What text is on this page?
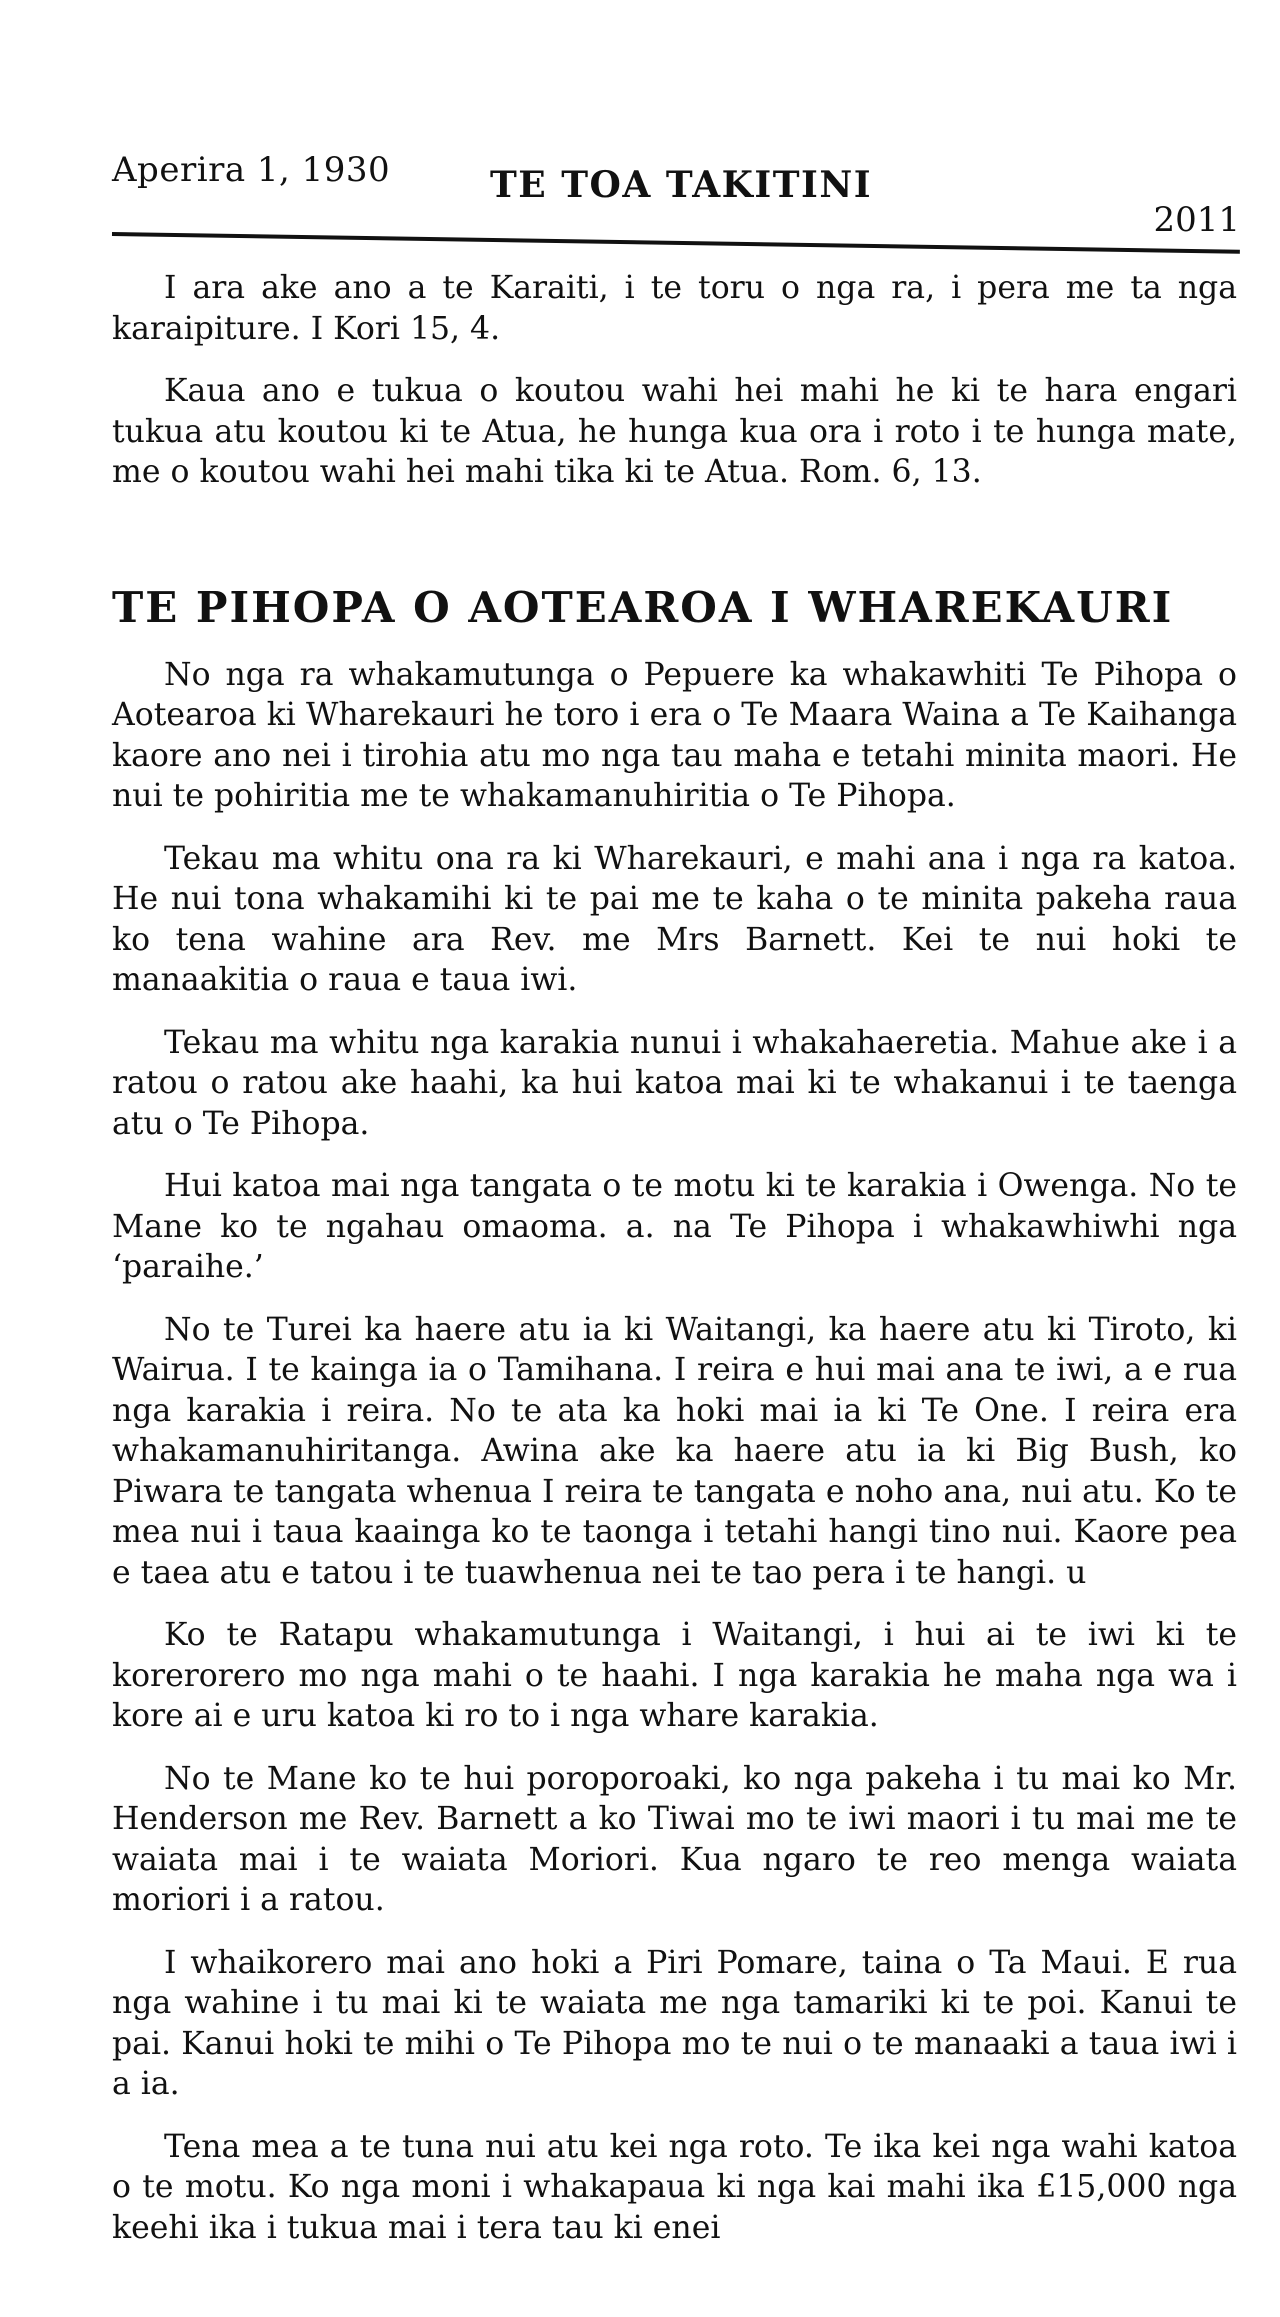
Aperira 1, 1930	TE TOA TAKITINI
2011

I ara ake ano a te Karaiti, i te toru o nga ra, i pera me ta nga karaipiture. I Kori 15, 4.

Kaua ano e tukua o koutou wahi hei mahi he ki te hara engari tukua atu koutou ki te Atua, he hunga kua ora i roto i te hunga mate, me o koutou wahi hei mahi tika ki te Atua. Rom. 6, 13.

TE PIHOPA O AOTEAROA I WHAREKAURI

No nga ra whakamutunga o Pepuere ka whakawhiti Te Pihopa o Aotearoa ki Wharekauri he toro i era o Te Maara Waina a Te Kaihanga kaore ano nei i tirohia atu mo nga tau maha e tetahi minita maori. He nui te pohiritia me te whakamanuhiritia o Te Pihopa.

Tekau ma whitu ona ra ki Wharekauri, e mahi ana i nga ra katoa. He nui tona whakamihi ki te pai me te kaha o te minita pakeha raua ko tena wahine ara Rev. me Mrs Barnett. Kei te nui hoki te manaakitia o raua e taua iwi.

Tekau ma whitu nga karakia nunui i whakahaeretia. Mahue ake i a ratou o ratou ake haahi, ka hui katoa mai ki te whakanui i te taenga atu o Te Pihopa.

Hui katoa mai nga tangata o te motu ki te karakia i Owenga. No te Mane ko te ngahau omaoma. a. na Te Pihopa i whakawhiwhi nga ‘paraihe.’

No te Turei ka haere atu ia ki Waitangi, ka haere atu ki Tiroto, ki Wairua. I te kainga ia o Tamihana. I reira e hui mai ana te iwi, a e rua nga karakia i reira. No te ata ka hoki mai ia ki Te One. I reira era whakamanuhiritanga. Awina ake ka haere atu ia ki Big Bush, ko Piwara te tangata whenua I reira te tangata e noho ana, nui atu. Ko te mea nui i taua kaainga ko te taonga i tetahi hangi tino nui. Kaore pea e taea atu e tatou i te tuawhenua nei te tao pera i te hangi. u

Ko te Ratapu whakamutunga i Waitangi, i hui ai te iwi ki te korerorero mo nga mahi o te haahi. I nga karakia he maha nga wa i kore ai e uru katoa ki ro to i nga whare karakia.

No te Mane ko te hui poroporoaki, ko nga pakeha i tu mai ko Mr. Henderson me Rev. Barnett a ko Tiwai mo te iwi maori i tu mai me te waiata mai i te waiata Moriori. Kua ngaro te reo menga waiata moriori i a ratou.

I whaikorero mai ano hoki a Piri Pomare, taina o Ta Maui. E rua nga wahine i tu mai ki te waiata me nga tamariki ki te poi. Kanui te pai. Kanui hoki te mihi o Te Pihopa mo te nui o te manaaki a taua iwi i a ia.

Tena mea a te tuna nui atu kei nga roto. Te ika kei nga wahi katoa o te motu. Ko nga moni i whakapaua ki nga kai mahi ika £15,000 nga keehi ika i tukua mai i tera tau ki enei
